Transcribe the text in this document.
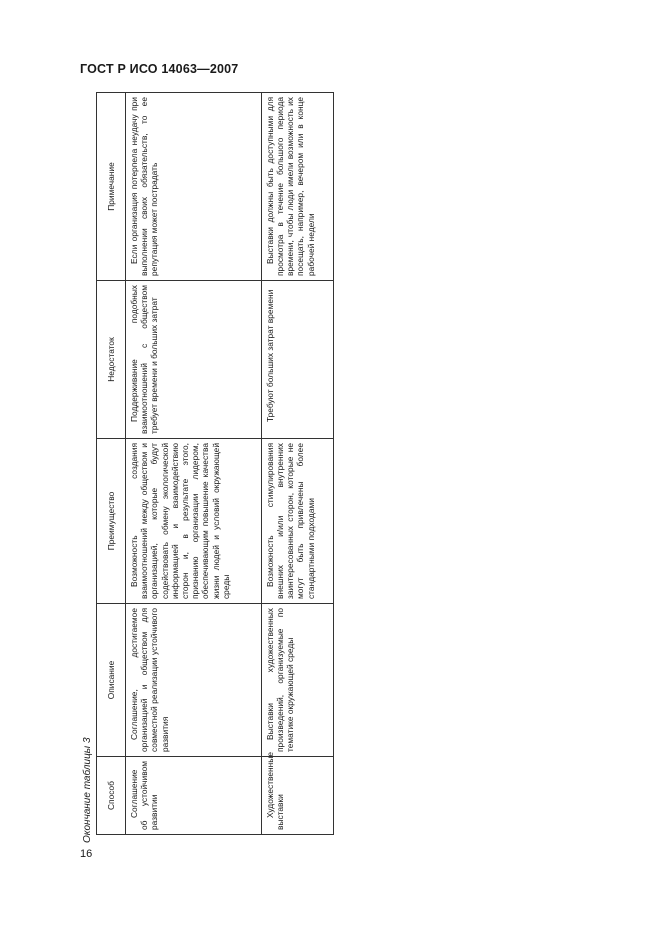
ГОСТ Р ИСО 14063—2007
Окончание таблицы 3	Способ	Описание	Преимущество	Недостаток	Примечание

Соглашение об устойчивом развитии	Соглашение, достигаемое организацией и обществом для совместной реализации устойчивого развития	Возможность создания взаимоотношений между обществом и организацией, которые будут содействовать обмену экологической информацией и взаимодействию сторон и, в результате этого, признанию организации лидером, обеспечивающим повышение качества жизни людей и условий окружающей среды	Поддерживание подобных взаимоотношений с обществом требует времени и больших затрат	Если организация потерпела неудачу при выполнении своих обязательств, то ее репутация может пострадать

Художественные выставки	Выставки художественных произведений, организуемые по тематике окружающей среды	Возможность стимулирования внешних и/или внутренних заинтересованных сторон, которые не могут быть привлечены более стандартными подходами	Требуют больших затрат времени	Выставки должны быть доступными для просмотра в течение большого периода времени, чтобы люди имели возможность их посещать, например, вечером или в конце рабочей недели
16
